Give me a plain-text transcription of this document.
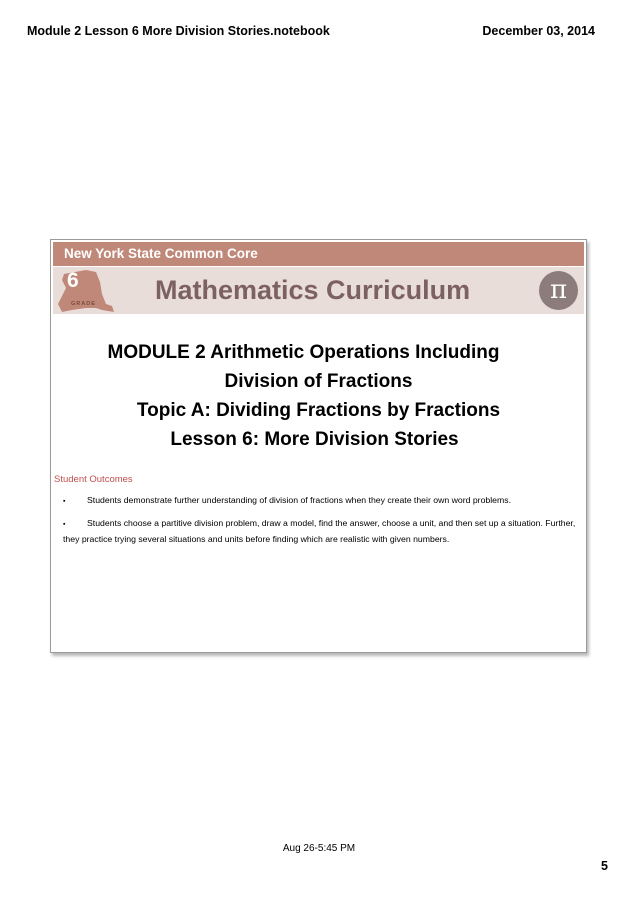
Module 2 Lesson 6 More Division Stories.notebook	December 03, 2014
New York State Common Core
6
GRADE Mathematics Curriculum	π
MODULE 2 Arithmetic Operations Including
Division of Fractions
Topic A: Dividing Fractions by Fractions
Lesson 6: More Division Stories
Student Outcomes
▪ Students demonstrate further understanding of division of fractions when they create their own word problems.
▪ Students choose a partitive division problem, draw a model, find the answer, choose a unit, and then set up a situation. Further, they practice trying several situations and units before finding which are realistic with given numbers.
Aug 26-5:45 PM
5
